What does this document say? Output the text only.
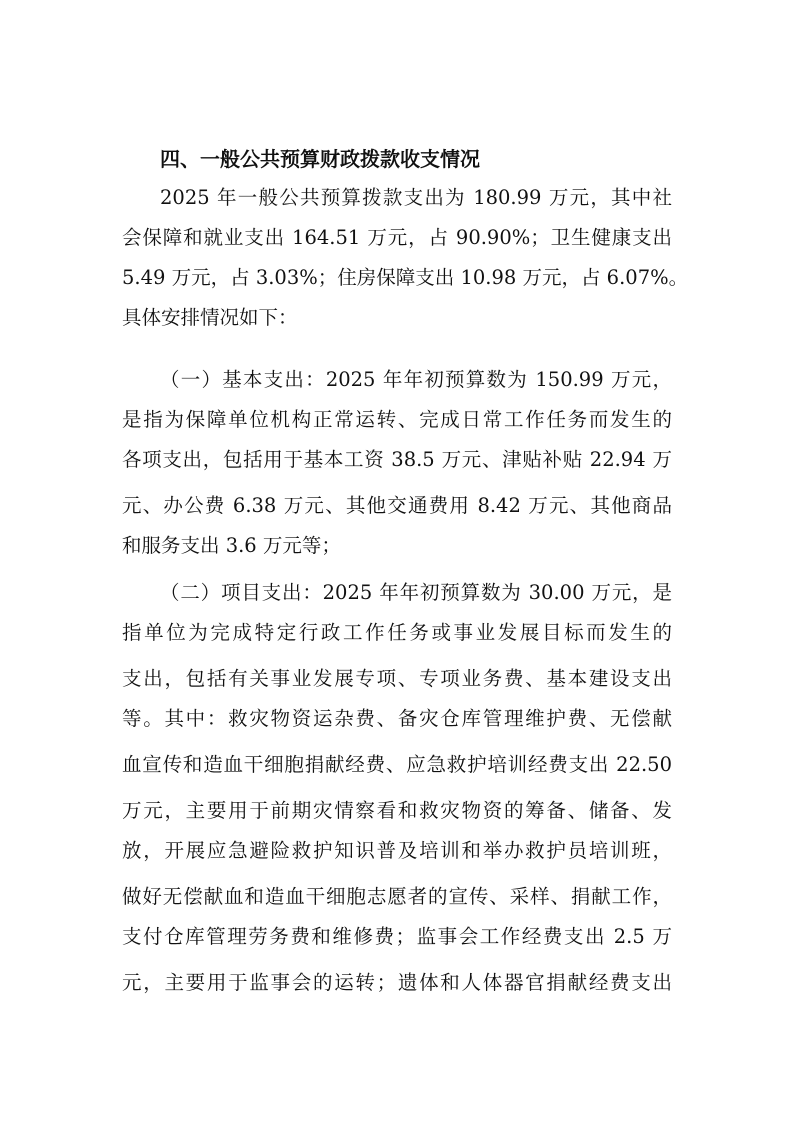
四、一般公共预算财政拨款收支情况
2025 年一般公共预算拨款支出为 180.99 万元，其中社
会保障和就业支出 164.51 万元，占 90.90%；卫生健康支出
5.49 万元，占 3.03%；住房保障支出 10.98 万元，占 6.07%。
具体安排情况如下：
（一）基本支出：2025 年年初预算数为 150.99 万元，
是指为保障单位机构正常运转、完成日常工作任务而发生的
各项支出，包括用于基本工资 38.5 万元、津贴补贴 22.94 万
元、办公费 6.38 万元、其他交通费用 8.42 万元、其他商品
和服务支出 3.6 万元等；
（二）项目支出：2025 年年初预算数为 30.00 万元，是
指单位为完成特定行政工作任务或事业发展目标而发生的
支出，包括有关事业发展专项、专项业务费、基本建设支出
等。其中：救灾物资运杂费、备灾仓库管理维护费、无偿献
血宣传和造血干细胞捐献经费、应急救护培训经费支出 22.50
万元，主要用于前期灾情察看和救灾物资的筹备、储备、发
放，开展应急避险救护知识普及培训和举办救护员培训班，
做好无偿献血和造血干细胞志愿者的宣传、采样、捐献工作，
支付仓库管理劳务费和维修费；监事会工作经费支出 2.5 万
元，主要用于监事会的运转；遗体和人体器官捐献经费支出
